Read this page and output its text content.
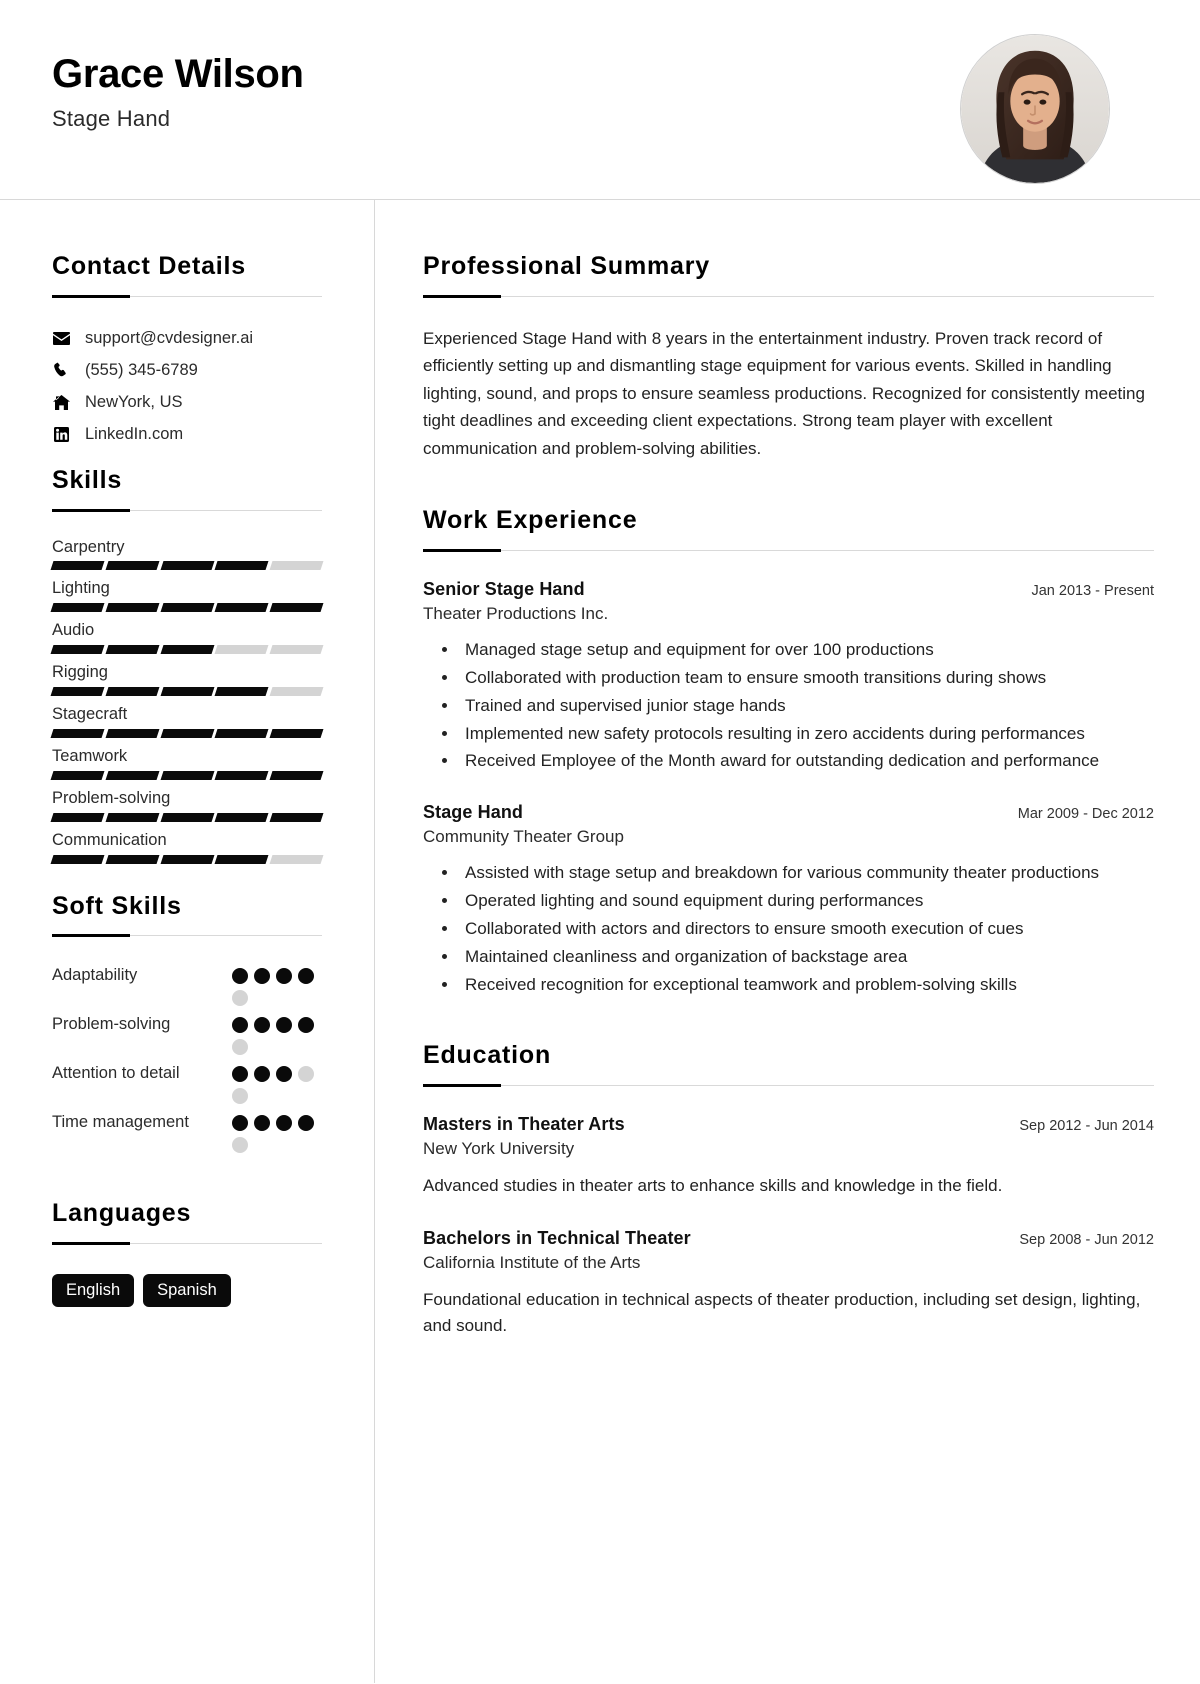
Grace Wilson
Stage Hand
Contact Details
support@cvdesigner.ai
(555) 345-6789
NewYork, US
LinkedIn.com
Skills
Carpentry
Lighting
Audio
Rigging
Stagecraft
Teamwork
Problem-solving
Communication
Soft Skills
Adaptability
Problem-solving
Attention to detail
Time management
Languages
English	Spanish
Professional Summary

Experienced Stage Hand with 8 years in the entertainment industry. Proven track record of efficiently setting up and dismantling stage equipment for various events. Skilled in handling lighting, sound, and props to ensure seamless productions. Recognized for consistently meeting tight deadlines and exceeding client expectations. Strong team player with excellent communication and problem-solving abilities.

Work Experience
Senior Stage Hand	Jan 2013 - Present
Theater Productions Inc.
• Managed stage setup and equipment for over 100 productions
• Collaborated with production team to ensure smooth transitions during shows
• Trained and supervised junior stage hands
• Implemented new safety protocols resulting in zero accidents during performances
• Received Employee of the Month award for outstanding dedication and performance
Stage Hand	Mar 2009 - Dec 2012
Community Theater Group
• Assisted with stage setup and breakdown for various community theater productions
• Operated lighting and sound equipment during performances
• Collaborated with actors and directors to ensure smooth execution of cues
• Maintained cleanliness and organization of backstage area
• Received recognition for exceptional teamwork and problem-solving skills
Education
Masters in Theater Arts	Sep 2012 - Jun 2014
New York University
Advanced studies in theater arts to enhance skills and knowledge in the field.
Bachelors in Technical Theater	Sep 2008 - Jun 2012
California Institute of the Arts
Foundational education in technical aspects of theater production, including set design, lighting, and sound.
